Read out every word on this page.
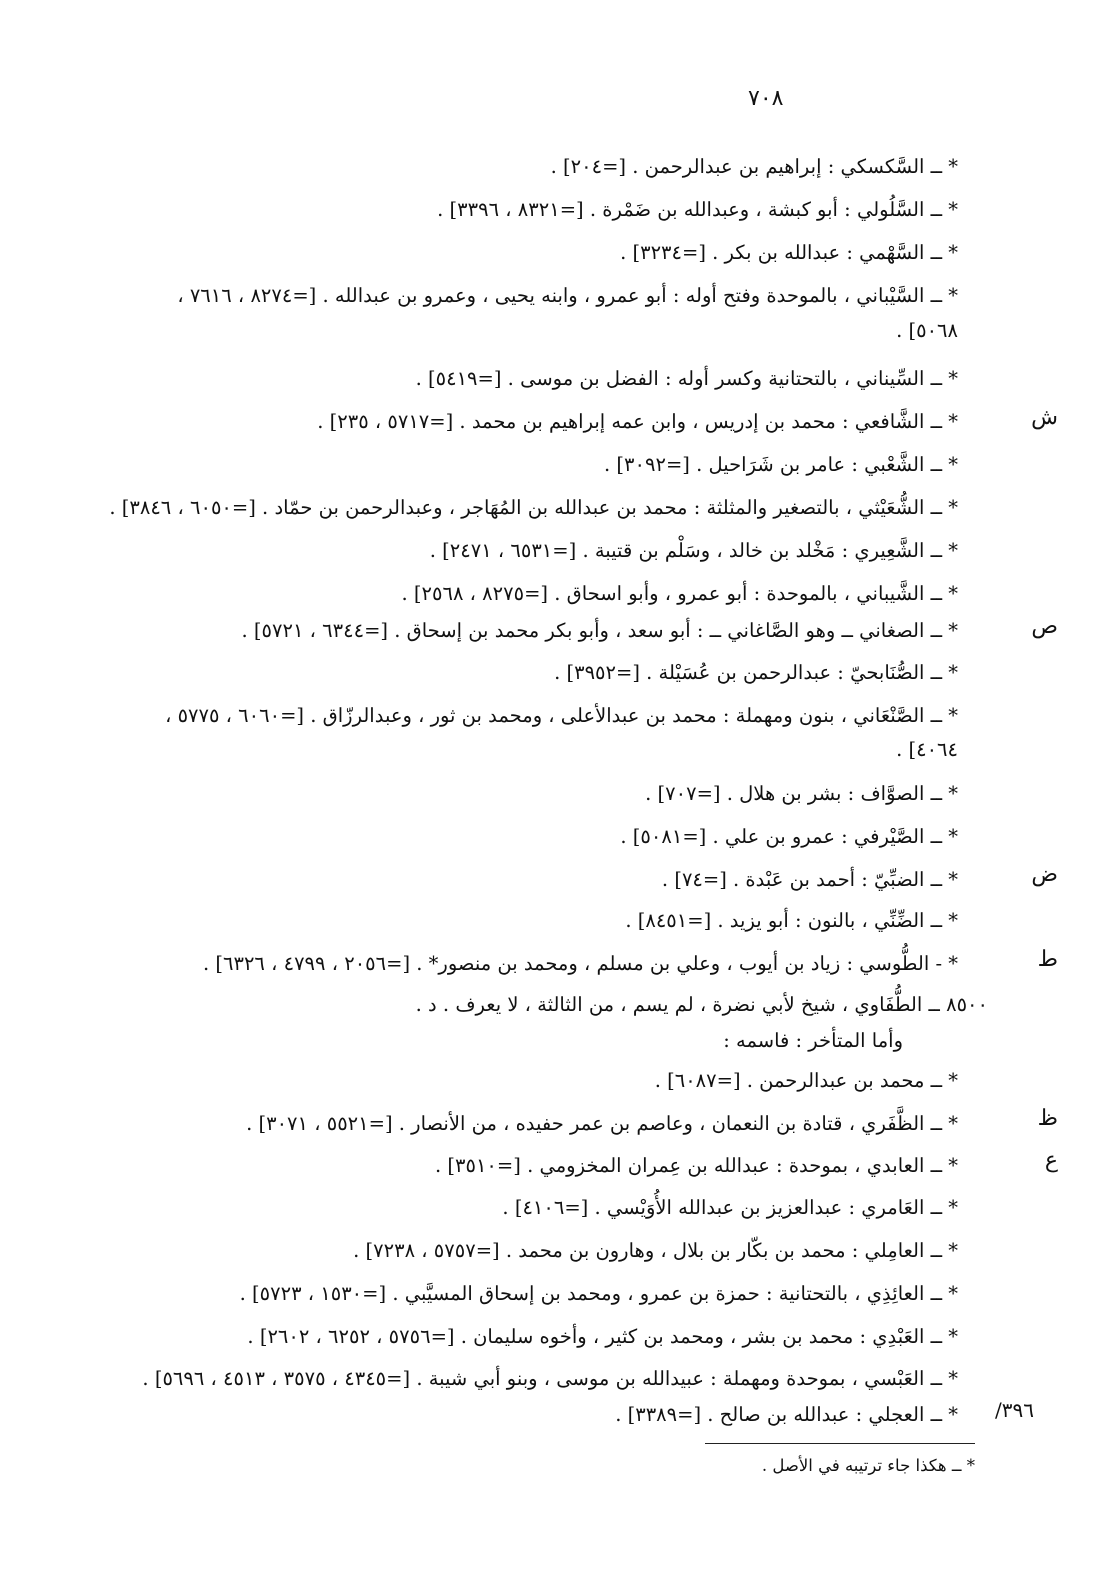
٧٠٨
* ــ السَّكسكي : إبراهيم بن عبدالرحمن . [=٢٠٤] .
* ــ السَّلُولي : أبو كبشة ، وعبدالله بن ضَمْرة . [=٨٣٢١ ، ٣٣٩٦] .
* ــ السَّهْمي : عبدالله بن بكر . [=٣٢٣٤] .
* ــ السَّيْباني ، بالموحدة وفتح أوله : أبو عمرو ، وابنه يحيى ، وعمرو بن عبدالله . [=٨٢٧٤ ، ٧٦١٦ ،
٥٠٦٨] .
* ــ السِّيناني ، بالتحتانية وكسر أوله : الفضل بن موسى . [=٥٤١٩] .
* ــ الشَّافعي : محمد بن إدريس ، وابن عمه إبراهيم بن محمد . [=٥٧١٧ ، ٢٣٥] .
* ــ الشَّعْبي : عامر بن شَرَاحيل . [=٣٠٩٢] .
* ــ الشُّعَيْثي ، بالتصغير والمثلثة : محمد بن عبدالله بن المُهَاجر ، وعبدالرحمن بن حمّاد . [=٦٠٥٠ ، ٣٨٤٦] .
* ــ الشَّعِيري : مَخْلد بن خالد ، وسَلْم بن قتيبة . [=٦٥٣١ ، ٢٤٧١] .
* ــ الشَّيباني ، بالموحدة : أبو عمرو ، وأبو اسحاق . [=٨٢٧٥ ، ٢٥٦٨] .
* ــ الصغاني ــ وهو الصَّاغاني ــ : أبو سعد ، وأبو بكر محمد بن إسحاق . [=٦٣٤٤ ، ٥٧٢١] .
* ــ الصُّنَابحيّ : عبدالرحمن بن عُسَيْلة . [=٣٩٥٢] .
* ــ الصَّنْعَاني ، بنون ومهملة : محمد بن عبدالأعلى ، ومحمد بن ثور ، وعبدالرزّاق . [=٦٠٦٠ ، ٥٧٧٥ ،
٤٠٦٤] .
* ــ الصوَّاف : بشر بن هلال . [=٧٠٧] .
* ــ الصَّيْرفي : عمرو بن علي . [=٥٠٨١] .
* ــ الضبِّيّ : أحمد بن عَبْدة . [=٧٤] .
* ــ الضِّنِّي ، بالنون : أبو يزيد . [=٨٤٥١] .
* - الطُّوسي : زياد بن أيوب ، وعلي بن مسلم ، ومحمد بن منصور* . [=٢٠٥٦ ، ٤٧٩٩ ، ٦٣٢٦] .
٨٥٠٠ ــ الطُّفَاوي ، شيخ لأبي نضرة ، لم يسم ، من الثالثة ، لا يعرف . د .
وأما المتأخر : فاسمه :
* ــ محمد بن عبدالرحمن . [=٦٠٨٧] .
* ــ الظَّفَري ، قتادة بن النعمان ، وعاصم بن عمر حفيده ، من الأنصار . [=٥٥٢١ ، ٣٠٧١] .
* ــ العابدي ، بموحدة : عبدالله بن عِمران المخزومي . [=٣٥١٠] .
* ــ العَامري : عبدالعزيز بن عبدالله الأُوَيْسي . [=٤١٠٦] .
* ــ العامِلي : محمد بن بكّار بن بلال ، وهارون بن محمد . [=٥٧٥٧ ، ٧٢٣٨] .
* ــ العائِذِي ، بالتحتانية : حمزة بن عمرو ، ومحمد بن إسحاق المسيَّبي . [=١٥٣٠ ، ٥٧٢٣] .
* ــ العَبْدِي : محمد بن بشر ، ومحمد بن كثير ، وأخوه سليمان . [=٥٧٥٦ ، ٦٢٥٢ ، ٢٦٠٢] .
* ــ العَبْسي ، بموحدة ومهملة : عبيدالله بن موسى ، وبنو أبي شيبة . [=٤٣٤٥ ، ٣٥٧٥ ، ٤٥١٣ ، ٥٦٩٦] .
* ــ العجلي : عبدالله بن صالح . [=٣٣٨٩] .
ش
ص
ض
ط
ظ
ع
٣٩٦/
* ــ هكذا جاء ترتيبه في الأصل .
